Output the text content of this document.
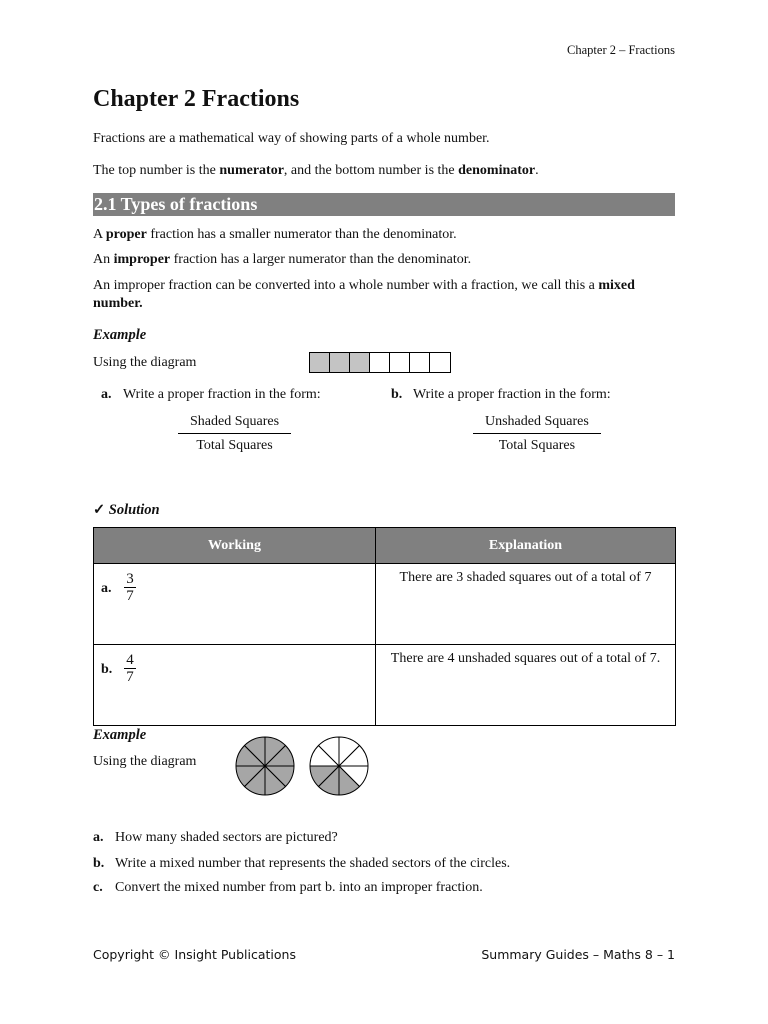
Chapter 2 – Fractions
Chapter 2 Fractions
Fractions are a mathematical way of showing parts of a whole number.
The top number is the numerator, and the bottom number is the denominator.
2.1 Types of fractions
A proper fraction has a smaller numerator than the denominator.
An improper fraction has a larger numerator than the denominator.
An improper fraction can be converted into a whole number with a fraction, we call this a mixed number.
Example
Using the diagram
a. Write a proper fraction in the form:	b. Write a proper fraction in the form:
Shaded Squares
Total Squares
Unshaded Squares
Total Squares
✓ Solution
Working	Explanation

a.
3
7	There are 3 shaded squares out of a total of 7

b.
4
7	There are 4 unshaded squares out of a total of 7.
Example
Using the diagram
a. How many shaded sectors are pictured?
b. Write a mixed number that represents the shaded sectors of the circles.
c. Convert the mixed number from part b. into an improper fraction.
Copyright © Insight Publications	Summary Guides – Maths 8 – 1
